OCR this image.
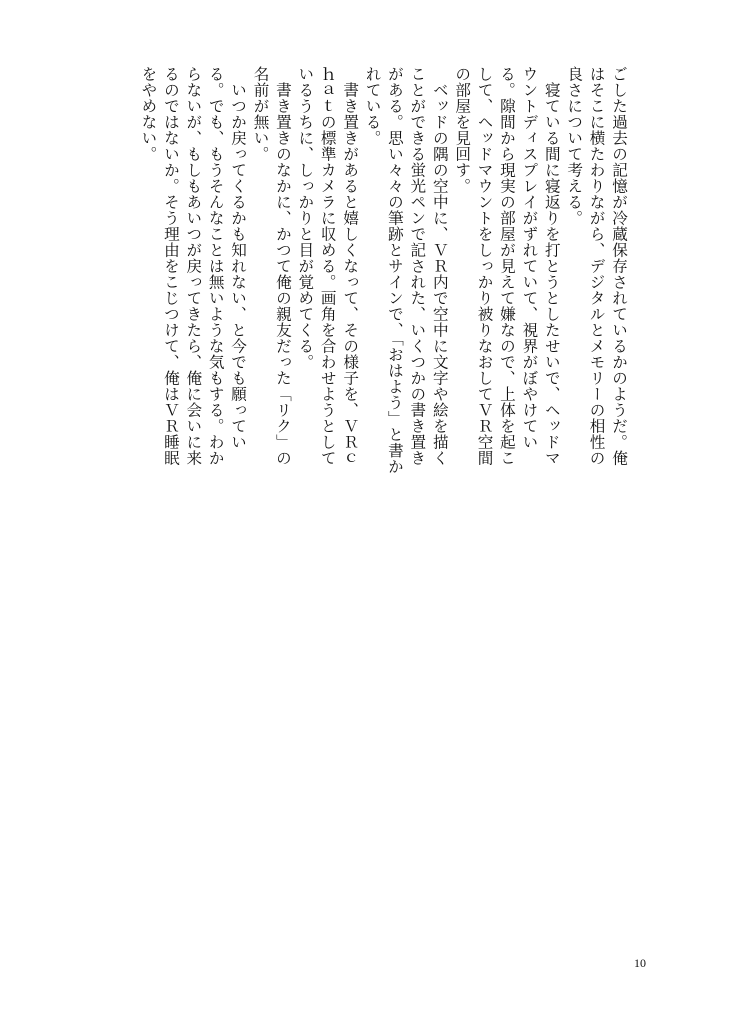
ごした過去の記憶が冷蔵保存されているかのようだ。俺はそこに横たわりながら、デジタルとメモリーの相性の良さについて考える。

　寝ている間に寝返りを打とうとしたせいで、ヘッドマウントディスプレイがずれていて、視界がぼやけている。隙間から現実の部屋が見えて嫌なので、上体を起こして、ヘッドマウントをしっかり被りなおしてＶＲ空間の部屋を見回す。

　ベッドの隅の空中に、ＶＲ内で空中に文字や絵を描くことができる蛍光ペンで記された、いくつかの書き置きがある。思い々々の筆跡とサインで、「おはよう」と書かれている。

　書き置きがあると嬉しくなって、その様子を、ＶＲｃｈａｔの標準カメラに収める。画角を合わせようとしているうちに、しっかりと目が覚めてくる。

　書き置きのなかに、かつて俺の親友だった「リク」の名前が無い。

　いつか戻ってくるかも知れない、と今でも願っている。でも、もうそんなことは無いような気もする。わからないが、もしもあいつが戻ってきたら、俺に会いに来るのではないか。そう理由をこじつけて、俺はＶＲ睡眠をやめない。

10
